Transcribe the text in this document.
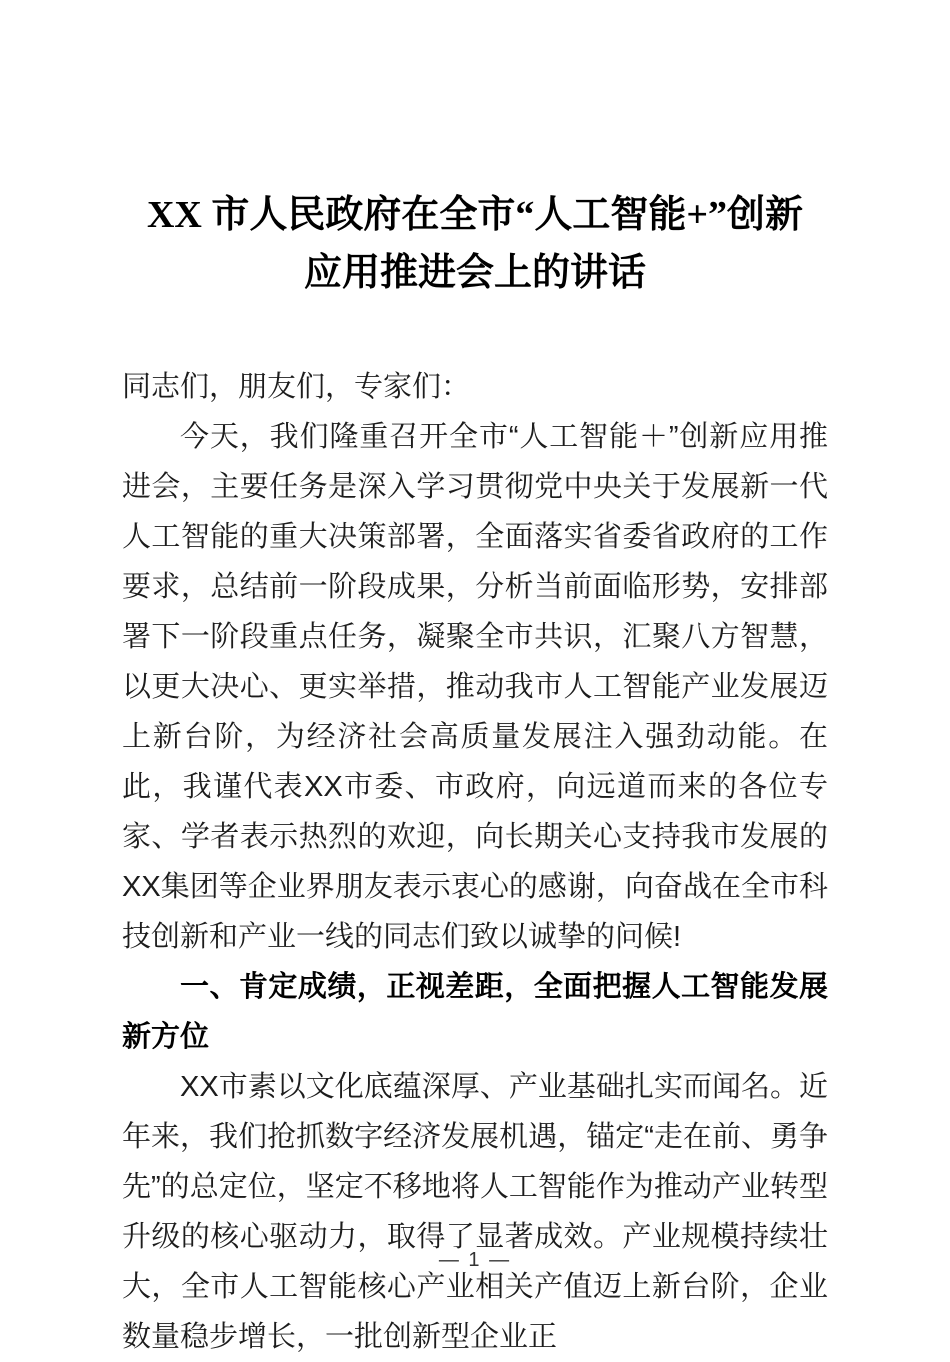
XX 市人民政府在全市“人工智能+”创新
应用推进会上的讲话

同志们，朋友们，专家们：

今天，我们隆重召开全市“人工智能＋”创新应用推进会，主要任务是深入学习贯彻党中央关于发展新一代人工智能的重大决策部署，全面落实省委省政府的工作要求，总结前一阶段成果，分析当前面临形势，安排部署下一阶段重点任务，凝聚全市共识，汇聚八方智慧，以更大决心、更实举措，推动我市人工智能产业发展迈上新台阶，为经济社会高质量发展注入强劲动能。在此，我谨代表XX市委、市政府，向远道而来的各位专家、学者表示热烈的欢迎，向长期关心支持我市发展的XX集团等企业界朋友表示衷心的感谢，向奋战在全市科技创新和产业一线的同志们致以诚挚的问候!

一、肯定成绩，正视差距，全面把握人工智能发展新方位

XX市素以文化底蕴深厚、产业基础扎实而闻名。近年来，我们抢抓数字经济发展机遇，锚定“走在前、勇争先”的总定位，坚定不移地将人工智能作为推动产业转型升级的核心驱动力，取得了显著成效。产业规模持续壮大，全市人工智能核心产业相关产值迈上新台阶，企业数量稳步增长，一批创新型企业正

— 1 —
